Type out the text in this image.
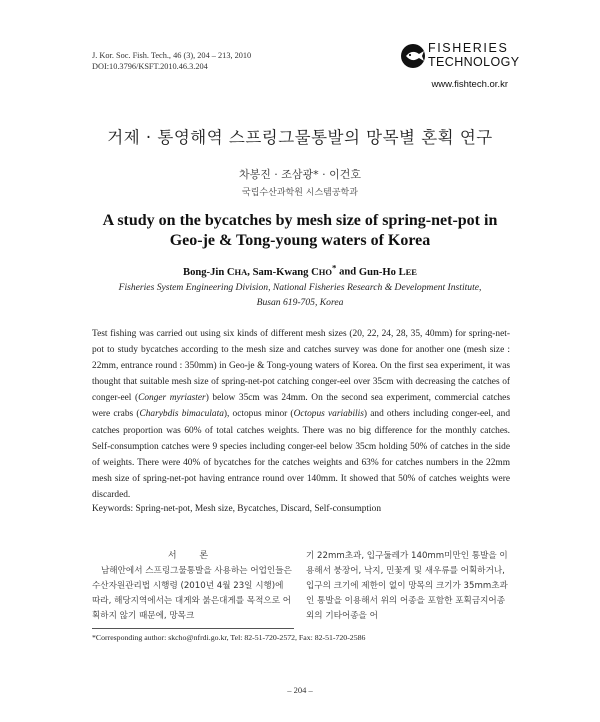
J. Kor. Soc. Fish. Tech., 46 (3), 204 – 213, 2010
DOI:10.3796/KSFT.2010.46.3.204
FISHERIES
TECHNOLOGY
www.fishtech.or.kr
거제 · 통영해역 스프링그물통발의 망목별 혼획 연구
차봉진 · 조삼광* · 이건호
국립수산과학원 시스템공학과
A study on the bycatches by mesh size of spring-net-pot in
Geo-je & Tong-young waters of Korea
Bong-Jin CHA, Sam-Kwang CHO* and Gun-Ho LEE
Fisheries System Engineering Division, National Fisheries Research & Development Institute,
Busan 619-705, Korea
Test fishing was carried out using six kinds of different mesh sizes (20, 22, 24, 28, 35, 40mm) for spring-net-pot to study bycatches according to the mesh size and catches survey was done for another one (mesh size : 22mm, entrance round : 350mm) in Geo-je & Tong-young waters of Korea. On the first sea experiment, it was thought that suitable mesh size of spring-net-pot catching conger-eel over 35cm with decreasing the catches of conger-eel (Conger myriaster) below 35cm was 24mm. On the second sea experiment, commercial catches were crabs (Charybdis bimaculata), octopus minor (Octopus variabilis) and others including conger-eel, and catches proportion was 60% of total catches weights. There was no big difference for the monthly catches. Self-consumption catches were 9 species including conger-eel below 35cm holding 50% of catches in the side of weights. There were 40% of bycatches for the catches weights and 63% for catches numbers in the 22mm mesh size of spring-net-pot having entrance round over 140mm. It showed that 50% of catches weights were discarded.
Keywords: Spring-net-pot, Mesh size, Bycatches, Discard, Self-consumption
서 론
남해안에서 스프링그물통발을 사용하는 어업인들은 수산자원관리법 시행령 (2010년 4월 23일 시행)에 따라, 해당지역에서는 대게와 붉은대게를 목적으로 어획하지 않기 때문에, 망목크
기 22mm초과, 입구둘레가 140mm미만인 통발을 이용해서 붕장어, 낙지, 민꽃게 및 새우류를 어획하거나, 입구의 크기에 제한이 없이 망목의 크기가 35mm초과인 통발을 이용해서 위의 어종을 포함한 포획금지어종 외의 기타어종을 어
*Corresponding author: skcho@nfrdi.go.kr, Tel: 82-51-720-2572, Fax: 82-51-720-2586
– 204 –
